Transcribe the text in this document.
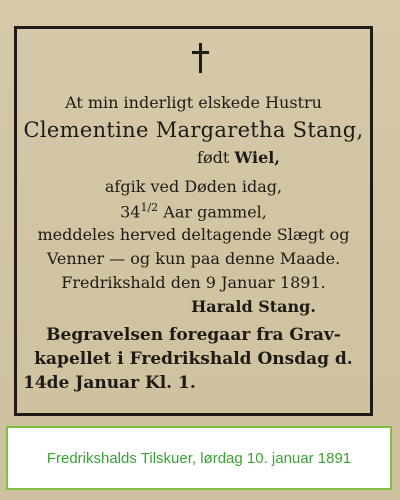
At min inderligt elskede Hustru
Clementine Margaretha Stang,
født Wiel,
afgik ved Døden idag,
$34^{1/2}$ Aar gammel,
meddeles herved deltagende Slægt og
Venner — og kun paa denne Maade.
Fredrikshald den 9 Januar 1891.
Harald Stang.
Begravelsen foregaar fra Grav-
kapellet i Fredrikshald Onsdag d.
14de Januar Kl. 1.
Fredrikshalds Tilskuer, lørdag 10. januar 1891
